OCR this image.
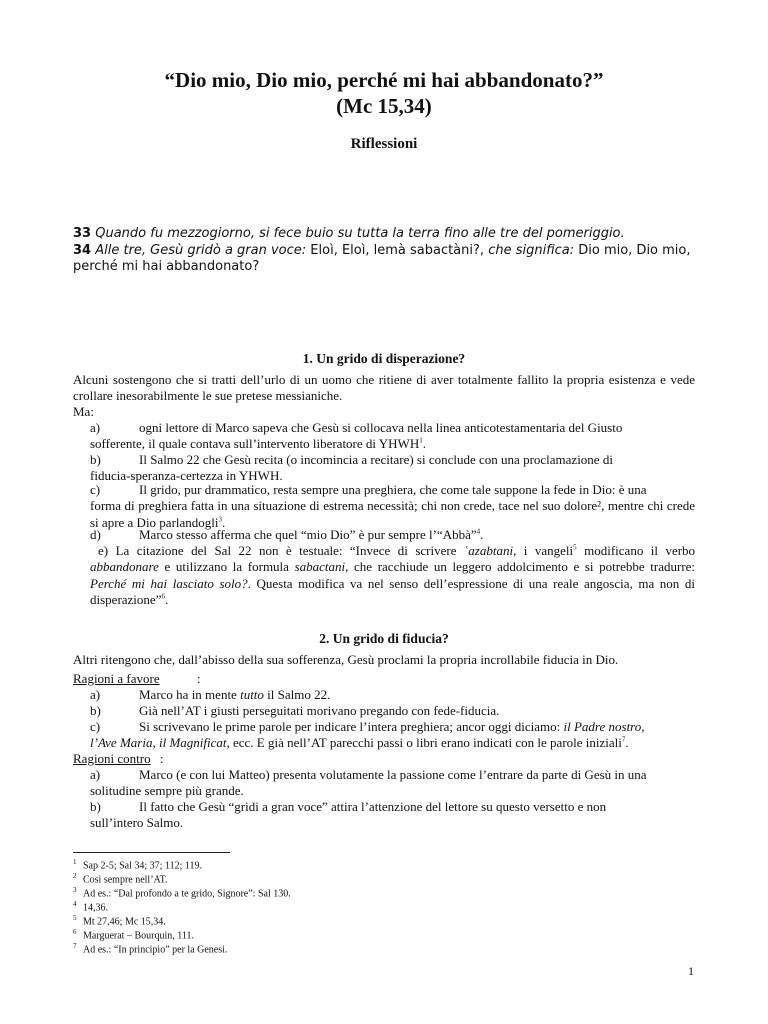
“Dio mio, Dio mio, perché mi hai abbandonato?”
(Mc 15,34)
Riflessioni
33 Quando fu mezzogiorno, si fece buio su tutta la terra fino alle tre del pomeriggio.
34 Alle tre, Gesù gridò a gran voce: Eloì, Eloì, lemà sabactàni?, che significa: Dio mio, Dio mio, perché mi hai abbandonato?
1. Un grido di disperazione?
Alcuni sostengono che si tratti dell’urlo di un uomo che ritiene di aver totalmente fallito la propria esistenza e vede crollare inesorabilmente le sue pretese messianiche.
Ma:
a)	ogni lettore di Marco sapeva che Gesù si collocava nella linea anticotestamentaria del Giusto
sofferente, il quale contava sull’intervento liberatore di YHWH$^1$.
b)	Il Salmo 22 che Gesù recita (o incomincia a recitare) si conclude con una proclamazione di
fiducia-speranza-certezza in YHWH.
c)	Il grido, pur drammatico, resta sempre una preghiera, che come tale suppone la fede in Dio: è una
forma di preghiera fatta in una situazione di estrema necessità; chi non crede, tace nel suo dolore², mentre chi crede si apre a Dio parlandogli$^3$.
d)	Marco stesso afferma che quel “mio Dio” è pur sempre l’“Abbà”$^4$.
e) La citazione del Sal 22 non è testuale: “Invece di scrivere ʿazabtani, i vangeli$^5$ modificano il verbo abbandonare e utilizzano la formula sabactani, che racchiude un leggero addolcimento e si potrebbe tradurre: Perché mi hai lasciato solo?. Questa modifica va nel senso dell’espressione di una reale angoscia, ma non di disperazione”$^6$.
2. Un grido di fiducia?
Altri ritengono che, dall’abisso della sua sofferenza, Gesù proclami la propria incrollabile fiducia in Dio.
Ragioni a favore	:
a)	Marco ha in mente tutto il Salmo 22.
b)	Già nell’AT i giusti perseguitati morivano pregando con fede-fiducia.
c)	Si scrivevano le prime parole per indicare l’intera preghiera; ancor oggi diciamo: il Padre nostro,
l’Ave Maria, il Magnificat, ecc. E già nell’AT parecchi passi o libri erano indicati con le parole iniziali$^7$.
Ragioni contro :
a)	Marco (e con lui Matteo) presenta volutamente la passione come l’entrare da parte di Gesù in una
solitudine sempre più grande.
b)	Il fatto che Gesù “gridi a gran voce” attira l’attenzione del lettore su questo versetto e non
sull’intero Salmo.
1 Sap 2-5; Sal 34; 37; 112; 119.
2 Così sempre nell’AT.
3 Ad es.: “Dal profondo a te grido, Signore”: Sal 130.
4 14,36.
5 Mt 27,46; Mc 15,34.
6 Marguerat – Bourquin, 111.
7 Ad es.: “In principio” per la Genesi.
1
